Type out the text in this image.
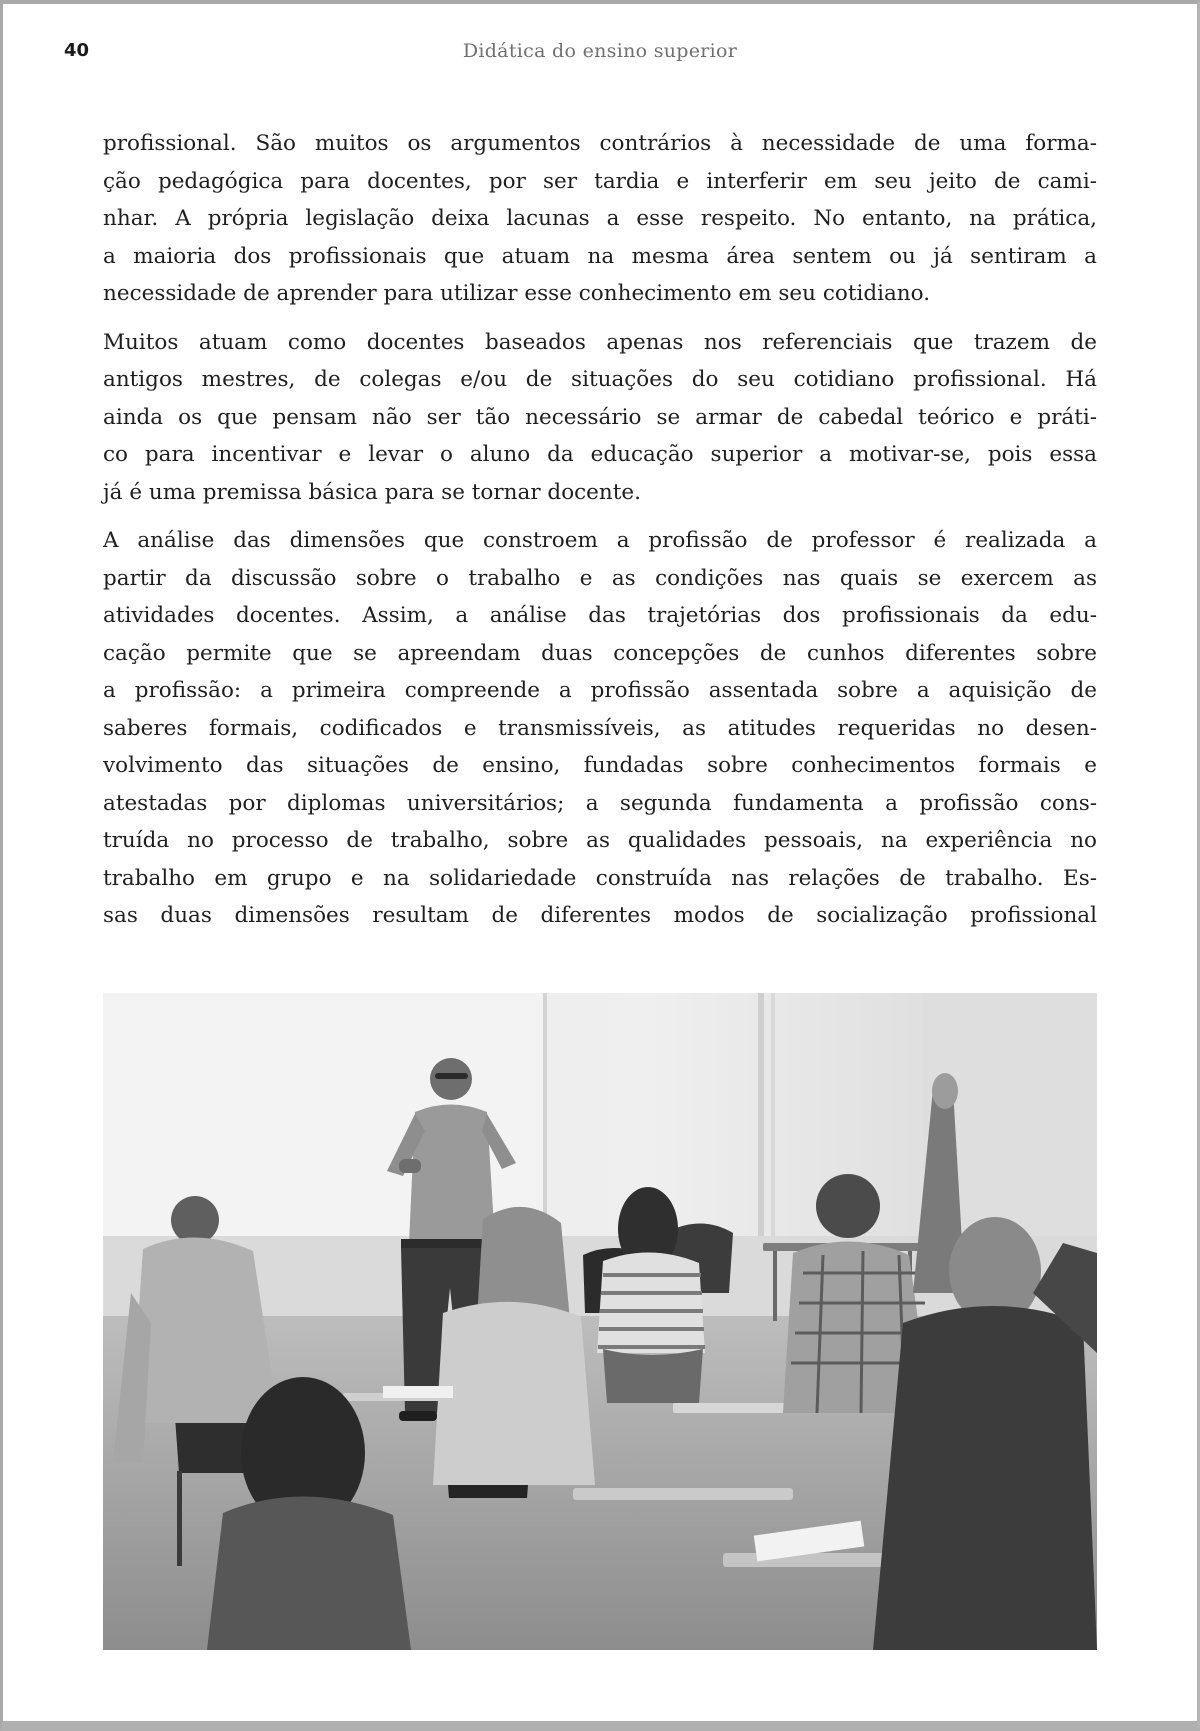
40	Didática do ensino superior

profissional. São muitos os argumentos contrários à necessidade de uma forma-
ção pedagógica para docentes, por ser tardia e interferir em seu jeito de cami-
nhar. A própria legislação deixa lacunas a esse respeito. No entanto, na prática,
a maioria dos profissionais que atuam na mesma área sentem ou já sentiram a
necessidade de aprender para utilizar esse conhecimento em seu cotidiano.

Muitos atuam como docentes baseados apenas nos referenciais que trazem de
antigos mestres, de colegas e/ou de situações do seu cotidiano profissional. Há
ainda os que pensam não ser tão necessário se armar de cabedal teórico e práti-
co para incentivar e levar o aluno da educação superior a motivar-se, pois essa
já é uma premissa básica para se tornar docente.

A análise das dimensões que constroem a profissão de professor é realizada a
partir da discussão sobre o trabalho e as condições nas quais se exercem as
atividades docentes. Assim, a análise das trajetórias dos profissionais da edu-
cação permite que se apreendam duas concepções de cunhos diferentes sobre
a profissão: a primeira compreende a profissão assentada sobre a aquisição de
saberes formais, codificados e transmissíveis, as atitudes requeridas no desen-
volvimento das situações de ensino, fundadas sobre conhecimentos formais e
atestadas por diplomas universitários; a segunda fundamenta a profissão cons-
truída no processo de trabalho, sobre as qualidades pessoais, na experiência no
trabalho em grupo e na solidariedade construída nas relações de trabalho. Es-
sas duas dimensões resultam de diferentes modos de socialização profissional
